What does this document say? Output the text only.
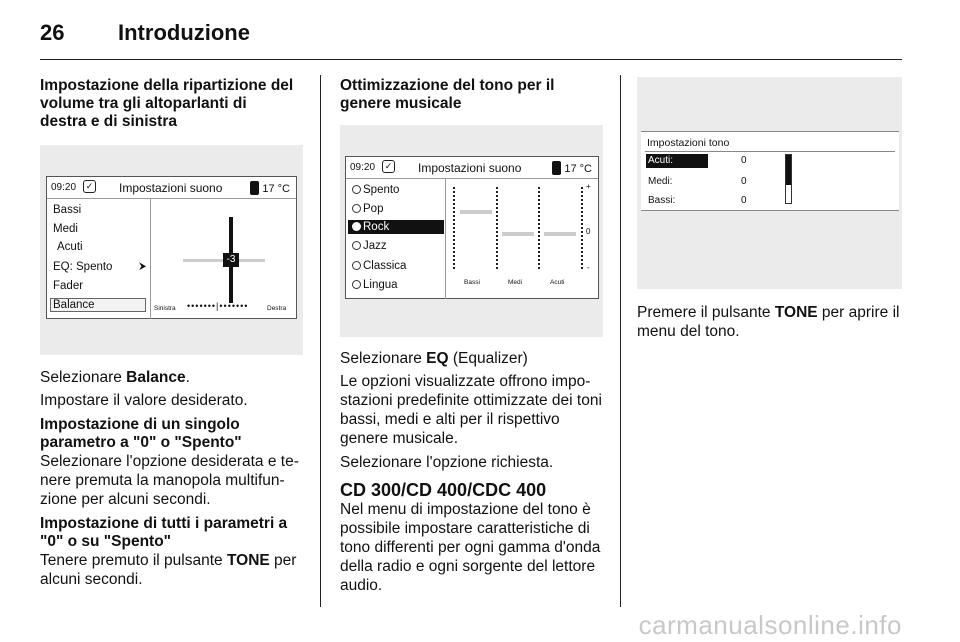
26 Introduzione
Impostazione della ripartizione del volume tra gli altoparlanti di destra e di sinistra
09:20	✓ Impostazioni suono	17 °C
Bassi
Medi
Acuti
EQ: Spento	⮞
Fader
Balance
-3
Sinistra •••••••|•••••••	Destra

Selezionare Balance.

Impostare il valore desiderato.

Impostazione di un singolo parametro a "0" o "Spento"

Selezionare l'opzione desiderata e te-nere premuta la manopola multifun-zione per alcuni secondi.

Impostazione di tutti i parametri a "0" o su "Spento"

Tenere premuto il pulsante TONE per alcuni secondi.

Ottimizzazione del tono per il genere musicale
09:20	✓ Impostazioni suono	17 °C
Spento
Pop
Rock
Jazz
Classica
Lingua
+
0
-
Bassi	Medi	Acuti

Selezionare EQ (Equalizer)

Le opzioni visualizzate offrono impo-stazioni predefinite ottimizzate dei toni bassi, medi e alti per il rispettivo genere musicale.

Selezionare l'opzione richiesta.

CD 300/CD 400/CDC 400

Nel menu di impostazione del tono è possibile impostare caratteristiche di tono differenti per ogni gamma d'onda della radio e ogni sorgente del lettore audio.

Impostazioni tono
Acuti:	0
Medi:	0
Bassi:	0

Premere il pulsante TONE per aprire il menu del tono.

carmanualsonline.info
